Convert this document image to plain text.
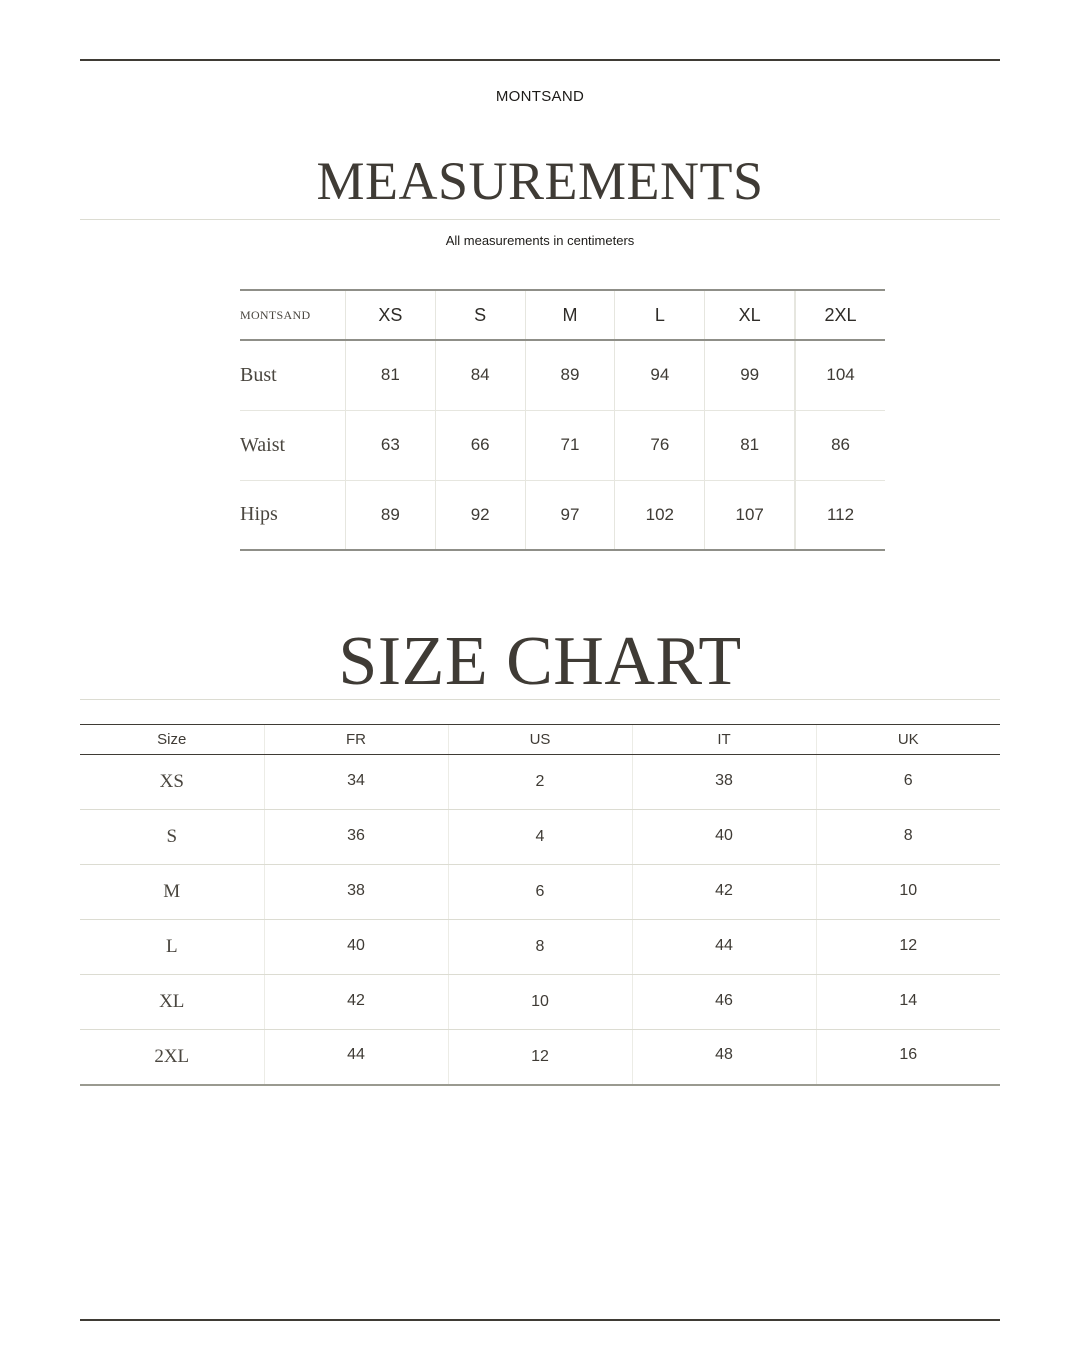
MONTSAND
MEASUREMENTS
All measurements in centimeters
MONTSAND	XS	S	M	L	XL	2XL
Bust	81	84	89	94	99	104
Waist	63	66	71	76	81	86
Hips	89	92	97	102	107	112
SIZE CHART
Size	FR	US	IT	UK
XS	34	2	38	6
S	36	4	40	8
M	38	6	42	10
L	40	8	44	12
XL	42	10	46	14
2XL	44	12	48	16
